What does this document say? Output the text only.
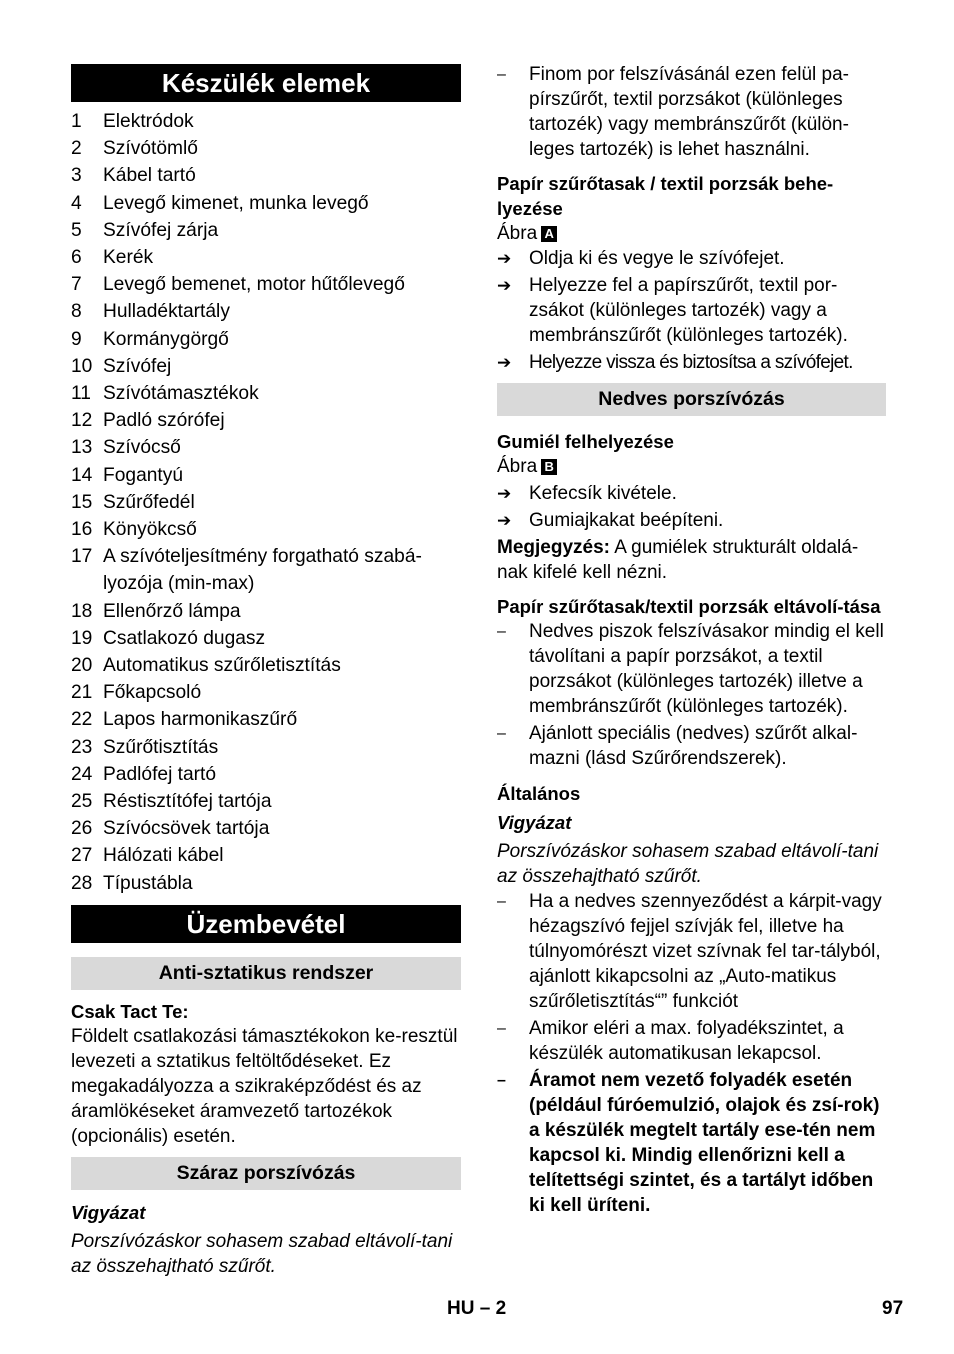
Készülék elemek
1	Elektródok
2	Szívótömlő
3	Kábel tartó
4	Levegő kimenet, munka levegő
5	Szívófej zárja
6	Kerék
7	Levegő bemenet, motor hűtőlevegő
8	Hulladéktartály
9	Kormánygörgő
10 Szívófej
11 Szívótámasztékok
12 Padló szórófej
13 Szívócső
14 Fogantyú
15 Szűrőfedél
16 Könyökcső
17 A szívóteljesítmény forgatható szabá-lyozója (min-max)
18 Ellenőrző lámpa
19 Csatlakozó dugasz
20 Automatikus szűrőletisztítás
21 Főkapcsoló
22 Lapos harmonikaszűrő
23 Szűrőtisztítás
24 Padlófej tartó
25 Réstisztítófej tartója
26 Szívócsövek tartója
27 Hálózati kábel
28 Típustábla
Üzembevétel
Anti-sztatikus rendszer
Csak Tact Te:
Földelt csatlakozási támasztékokon ke-resztül levezeti a sztatikus feltöltődéseket. Ez megakadályozza a szikraképződést és az áramlökéseket áramvezető tartozékok (opcionális) esetén.
Száraz porszívózás
Vigyázat
Porszívózáskor sohasem szabad eltávolí-tani az összehajtható szűrőt.
–	Finom por felszívásánál ezen felül pa-pírszűrőt, textil porzsákot (különleges tartozék) vagy membránszűrőt (külön-leges tartozék) is lehet használni.
Papír szűrőtasak / textil porzsák behe-lyezése
Ábra A
➔ Oldja ki és vegye le szívófejet.
➔ Helyezze fel a papírszűrőt, textil por-zsákot (különleges tartozék) vagy a membránszűrőt (különleges tartozék).
➔ Helyezze vissza és biztosítsa a szívófejet.
Nedves porszívózás
Gumiél felhelyezése
Ábra B
➔ Kefecsík kivétele.
➔ Gumiajkakat beépíteni.
Megjegyzés: A gumiélek strukturált oldalá-nak kifelé kell nézni.
Papír szűrőtasak/textil porzsák eltávolí-tása
–	Nedves piszok felszívásakor mindig el kell távolítani a papír porzsákot, a textil porzsákot (különleges tartozék) illetve a membránszűrőt (különleges tartozék).
–	Ajánlott speciális (nedves) szűrőt alkal-mazni (lásd Szűrőrendszerek).
Általános
Vigyázat
Porszívózáskor sohasem szabad eltávolí-tani az összehajtható szűrőt.
–	Ha a nedves szennyeződést a kárpit-vagy hézagszívó fejjel szívják fel, illetve ha túlnyomórészt vizet szívnak fel tar-tályból, ajánlott kikapcsolni az „Auto-matikus szűrőletisztítás“” funkciót
–	Amikor eléri a max. folyadékszintet, a készülék automatikusan lekapcsol.
–	Áramot nem vezető folyadék esetén (például fúróemulzió, olajok és zsí-rok) a készülék megtelt tartály ese-tén nem kapcsol ki. Mindig ellenőrizni kell a telítettségi szintet, és a tartályt időben ki kell üríteni.
HU – 2	97
